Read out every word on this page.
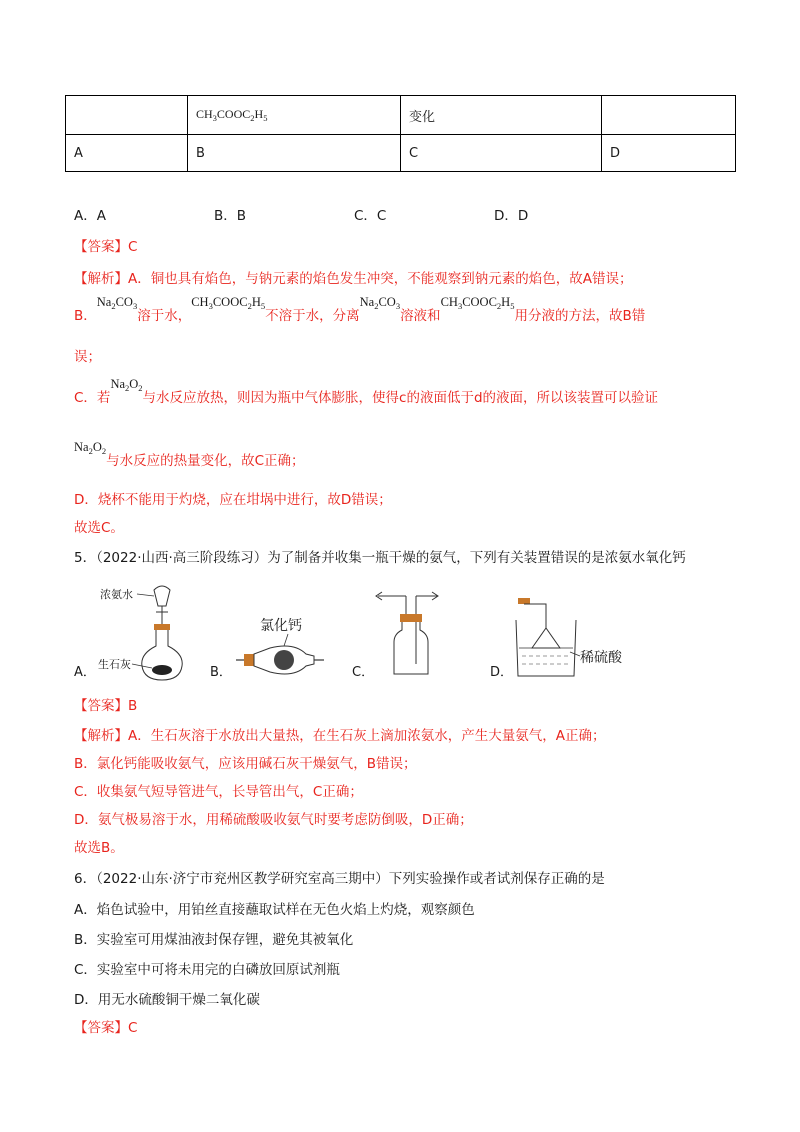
	$CH_3COOC_2H_5$	变化	
A	B	C	D
A．A	B．B	C．C	D．D
【答案】C
【解析】A．铜也具有焰色，与钠元素的焰色发生冲突，不能观察到钠元素的焰色，故A错误；
B．$Na_2CO_3$溶于水，$CH_3COOC_2H_5$不溶于水，分离$Na_2CO_3$溶液和$CH_3COOC_2H_5$用分液的方法，故B错
误；
C．若$Na_2O_2$与水反应放热，则因为瓶中气体膨胀，使得c的液面低于d的液面，所以该装置可以验证
$Na_2O_2$与水反应的热量变化，故C正确；
D．烧杯不能用于灼烧，应在坩埚中进行，故D错误；
故选C。
5．（2022·山西·高三阶段练习）为了制备并收集一瓶干燥的氨气，下列有关装置错误的是浓氨水氧化钙
A．
浓氨水
生石灰
B．
氯化钙
C．	D．
稀硫酸
【答案】B
【解析】A．生石灰溶于水放出大量热，在生石灰上滴加浓氨水，产生大量氨气，A正确；
B．氯化钙能吸收氨气，应该用碱石灰干燥氨气，B错误；
C．收集氨气短导管进气，长导管出气，C正确；
D．氨气极易溶于水，用稀硫酸吸收氨气时要考虑防倒吸，D正确；
故选B。
6．（2022·山东·济宁市兖州区教学研究室高三期中）下列实验操作或者试剂保存正确的是
A．焰色试验中，用铂丝直接蘸取试样在无色火焰上灼烧，观察颜色
B．实验室可用煤油液封保存锂，避免其被氧化
C．实验室中可将未用完的白磷放回原试剂瓶
D．用无水硫酸铜干燥二氧化碳
【答案】C
